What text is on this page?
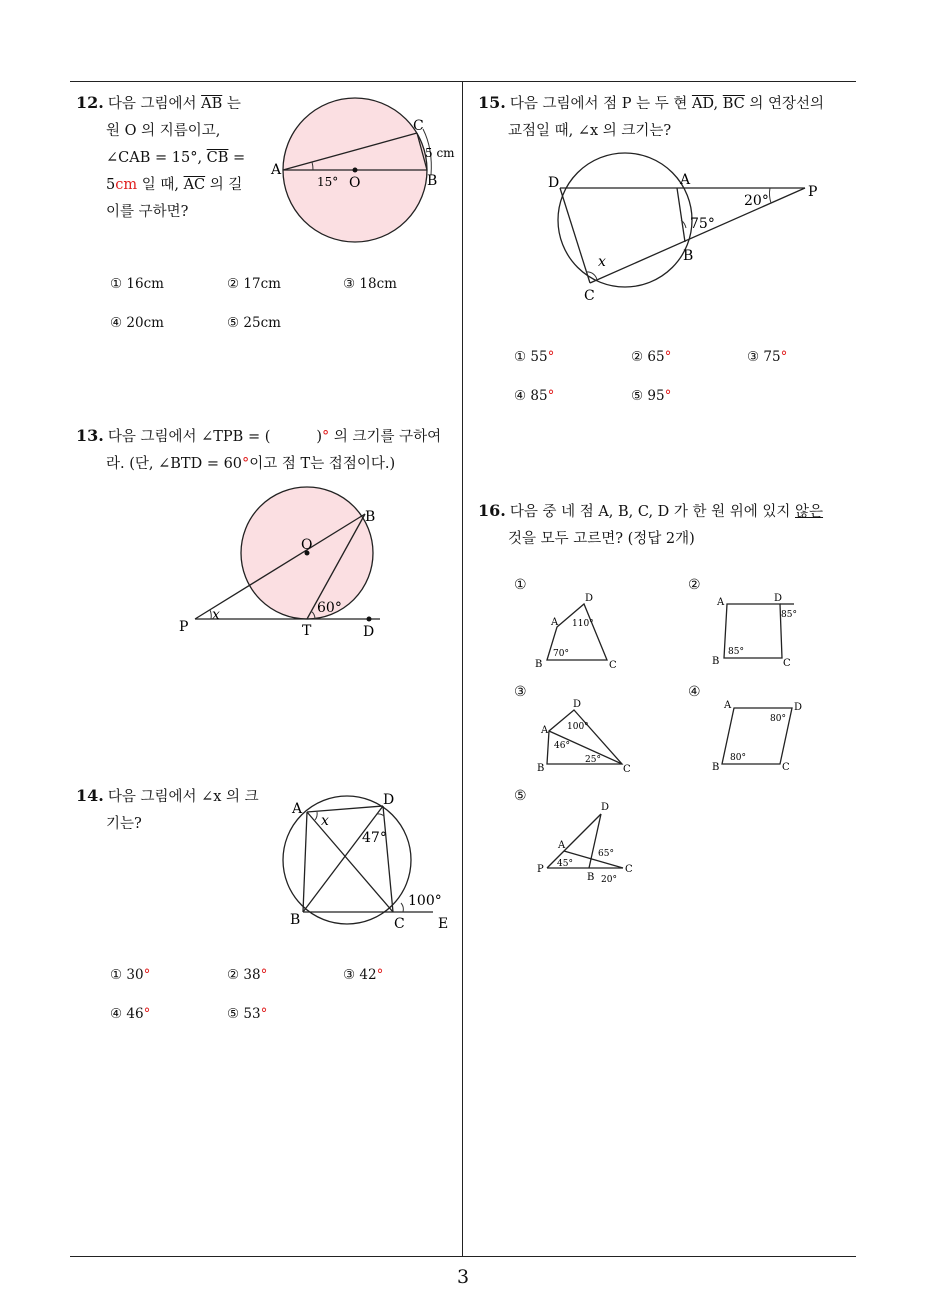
3
12. 다음 그림에서 $\overline{AB}$ 는
원 O 의 지름이고,
∠CAB = 15°, $\overline{CB}$ =
5cm 일 때, $\overline{AC}$ 의 길
이를 구하면?
A
B
C
O
15°
5 cm
① 16cm	② 17cm	③ 18cm
④ 20cm	⑤ 25cm
13. 다음 그림에서 ∠TPB = (	)° 의 크기를 구하여
라. (단, ∠BTD = 60°이고 점 T는 접점이다.)
B
O
P	T	D
x	60°
14. 다음 그림에서 ∠x 의 크
기는?
A
D
B	C E
x
47°
100°
① 30°	② 38°	③ 42°
④ 46°	⑤ 53°
15. 다음 그림에서 점 P 는 두 현 $\overline{AD}$, $\overline{BC}$ 의 연장선의
교점일 때, ∠x 의 크기는?
D	A
P
B
C
x
20°
75°
① 55°	② 65°	③ 75°
④ 85°	⑤ 95°
16. 다음 중 네 점 A, B, C, D 가 한 원 위에 있지 않은
것을 모두 고르면? (정답 2개)
①	②
③	④
⑤
B
A
D
C
110°
70°
A	D
B	C
85°
85°
B
A
D
C
100°
46°
25°
A	D
B	C
80°
80°
P
A
D
B
C
45°
65°
20°
